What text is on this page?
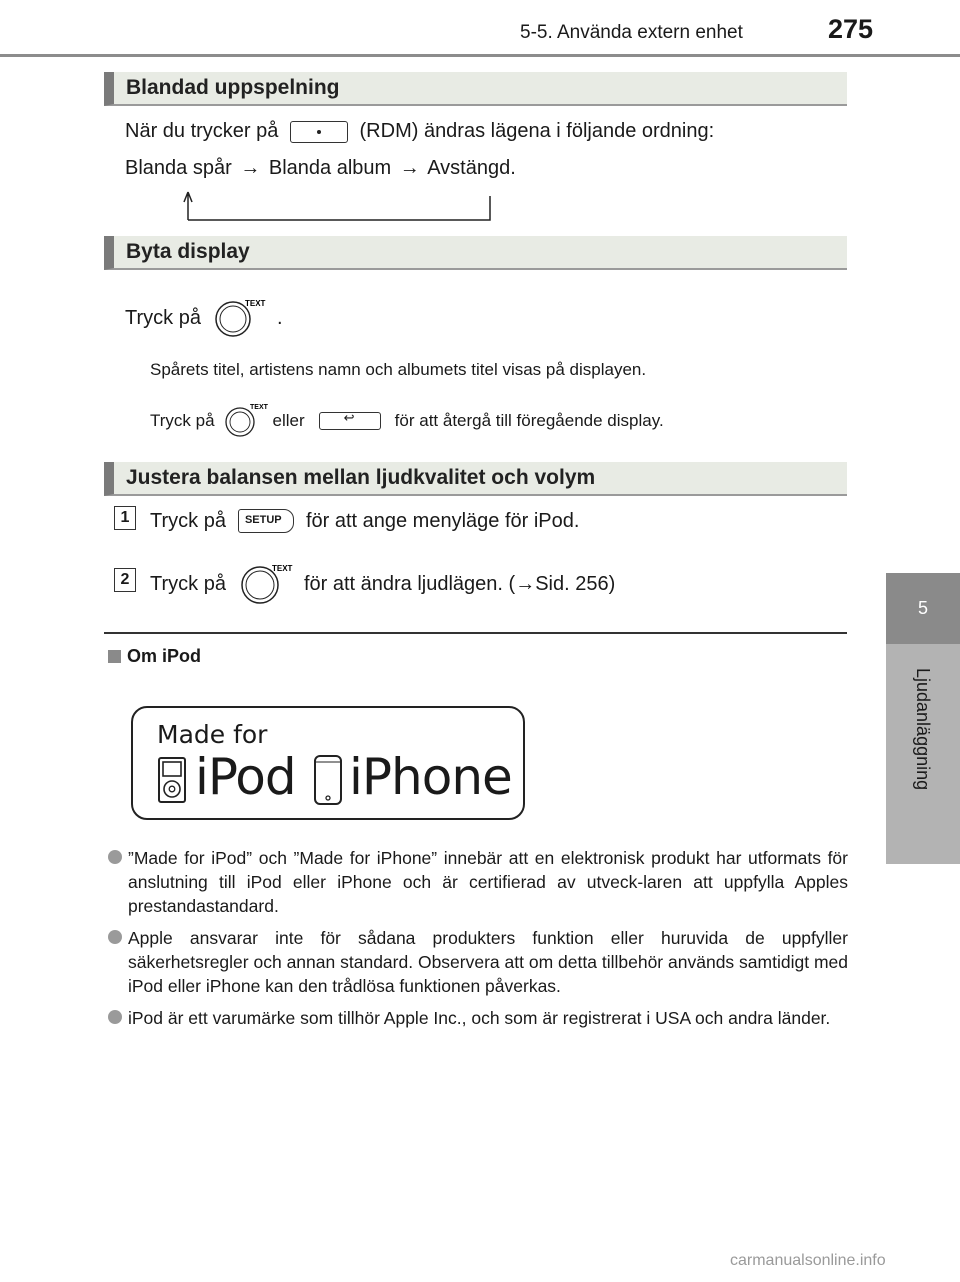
5-5. Använda extern enhet	275
5
Ljudanläggning
Blandad uppspelning
När du trycker på	(RDM) ändras lägena i följande ordning:
Blanda spår → Blanda album → Avstängd.
Byta display
Tryck på
TEXT
.
Spårets titel, artistens namn och albumets titel visas på displayen.
Tryck på
TEXT
eller	↩ för att återgå till föregående display.
Justera balansen mellan ljudkvalitet och volym
1	Tryck på SETUP för att ange menyläge för iPod.
2	Tryck på
TEXT
för att ändra ljudlägen. ( → Sid. 256)
Om iPod
Made for
iPod iPhone
”Made for iPod” och ”Made for iPhone” innebär att en elektronisk produkt har utformats för anslutning till iPod eller iPhone och är certifierad av utveck-laren att uppfylla Apples prestandastandard.
Apple ansvarar inte för sådana produkters funktion eller huruvida de uppfyller säkerhetsregler och annan standard. Observera att om detta tillbehör används samtidigt med iPod eller iPhone kan den trådlösa funktionen påverkas.
iPod är ett varumärke som tillhör Apple Inc., och som är registrerat i USA och andra länder.
carmanualsonline.info
